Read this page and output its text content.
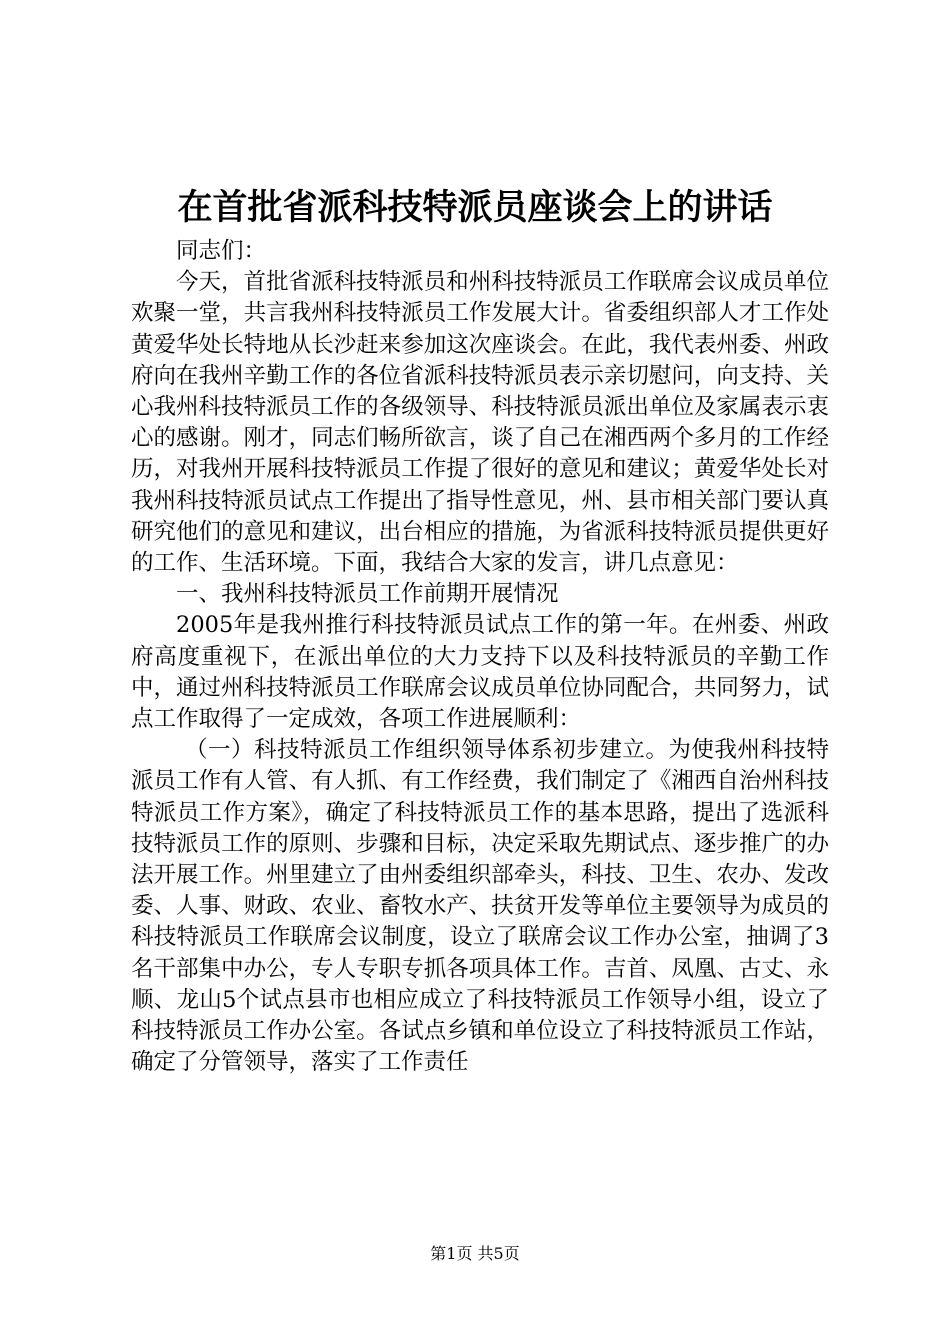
在首批省派科技特派员座谈会上的讲话

同志们：

今天，首批省派科技特派员和州科技特派员工作联席会议成员单位欢聚一堂，共言我州科技特派员工作发展大计。省委组织部人才工作处黄爱华处长特地从长沙赶来参加这次座谈会。在此，我代表州委、州政府向在我州辛勤工作的各位省派科技特派员表示亲切慰问，向支持、关心我州科技特派员工作的各级领导、科技特派员派出单位及家属表示衷心的感谢。刚才，同志们畅所欲言，谈了自己在湘西两个多月的工作经历，对我州开展科技特派员工作提了很好的意见和建议；黄爱华处长对我州科技特派员试点工作提出了指导性意见，州、县市相关部门要认真研究他们的意见和建议，出台相应的措施，为省派科技特派员提供更好的工作、生活环境。下面，我结合大家的发言，讲几点意见：

一、我州科技特派员工作前期开展情况

2005年是我州推行科技特派员试点工作的第一年。在州委、州政府高度重视下，在派出单位的大力支持下以及科技特派员的辛勤工作中，通过州科技特派员工作联席会议成员单位协同配合，共同努力，试点工作取得了一定成效，各项工作进展顺利：

（一）科技特派员工作组织领导体系初步建立。为使我州科技特派员工作有人管、有人抓、有工作经费，我们制定了《湘西自治州科技特派员工作方案》，确定了科技特派员工作的基本思路，提出了选派科技特派员工作的原则、步骤和目标，决定采取先期试点、逐步推广的办法开展工作。州里建立了由州委组织部牵头，科技、卫生、农办、发改委、人事、财政、农业、畜牧水产、扶贫开发等单位主要领导为成员的科技特派员工作联席会议制度，设立了联席会议工作办公室，抽调了3名干部集中办公，专人专职专抓各项具体工作。吉首、凤凰、古丈、永顺、龙山5个试点县市也相应成立了科技特派员工作领导小组，设立了科技特派员工作办公室。各试点乡镇和单位设立了科技特派员工作站，确定了分管领导，落实了工作责任

第1页 共5页
